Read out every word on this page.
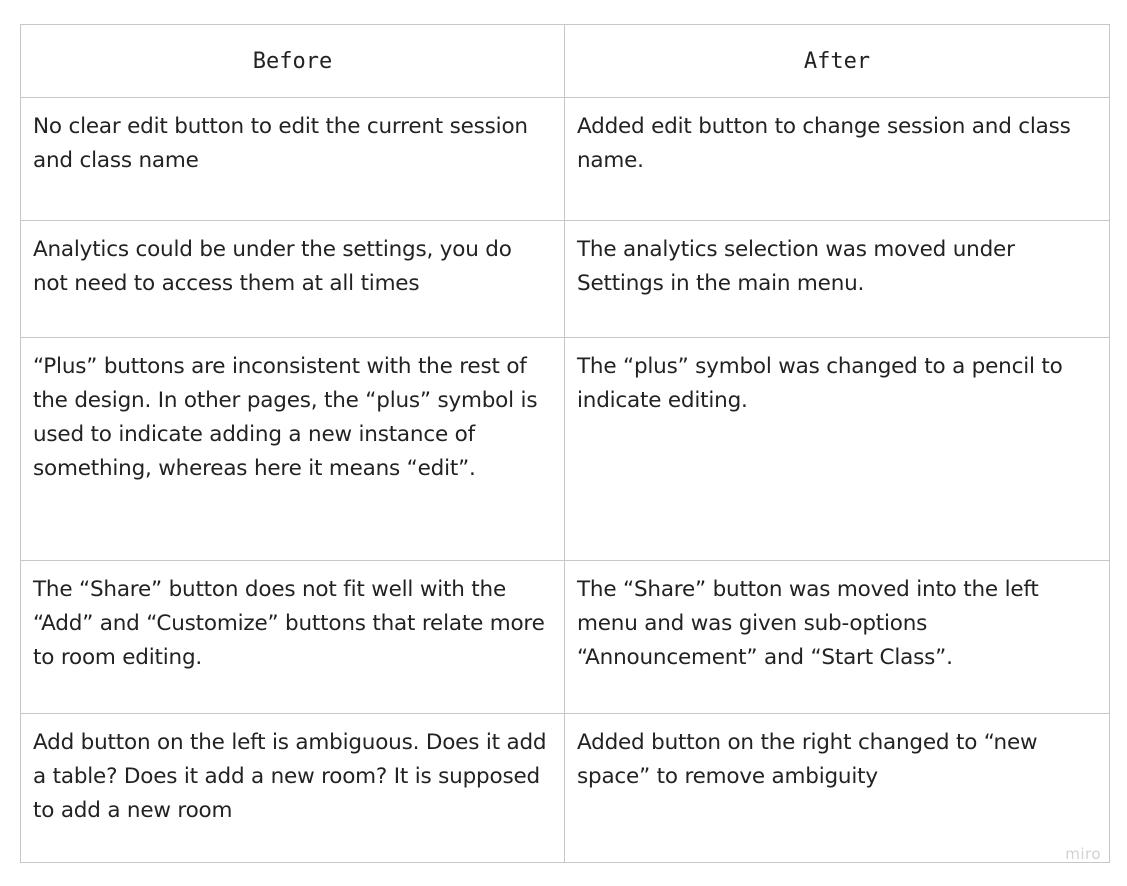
Before	After
No clear edit button to edit the current session and class name	Added edit button to change session and class name.
Analytics could be under the settings, you do not need to access them at all times	The analytics selection was moved under Settings in the main menu.
“Plus” buttons are inconsistent with the rest of the design. In other pages, the “plus” symbol is used to indicate adding a new instance of something, whereas here it means “edit”.	The “plus” symbol was changed to a pencil to indicate editing.
The “Share” button does not fit well with the “Add” and “Customize” buttons that relate more to room editing.	The “Share” button was moved into the left menu and was given sub-options “Announcement” and “Start Class”.
Add button on the left is ambiguous. Does it add a table? Does it add a new room? It is supposed to add a new room	Added button on the right changed to “new space” to remove ambiguity
miro
